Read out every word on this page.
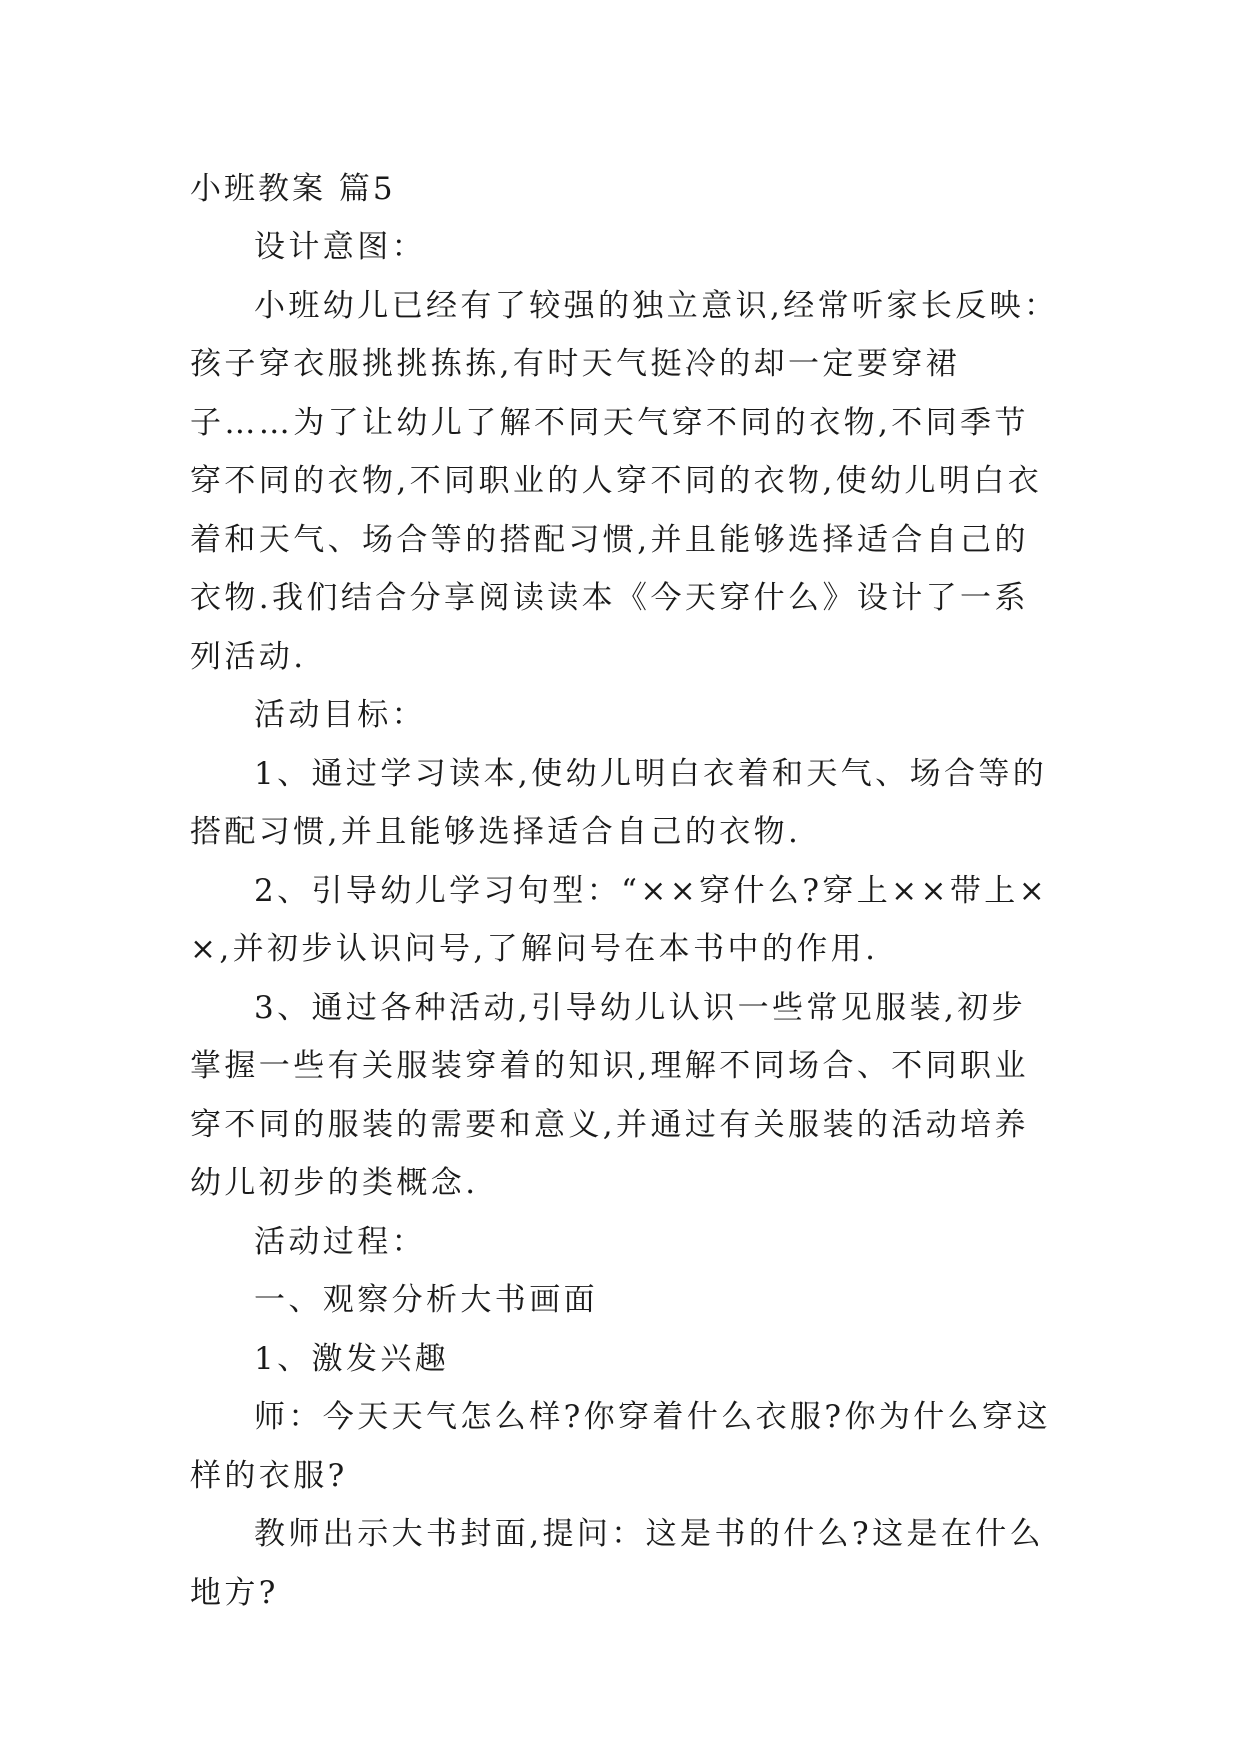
小班教案 篇5

设计意图：

小班幼儿已经有了较强的独立意识,经常听家长反映：孩子穿衣服挑挑拣拣,有时天气挺冷的却一定要穿裙子……为了让幼儿了解不同天气穿不同的衣物,不同季节穿不同的衣物,不同职业的人穿不同的衣物,使幼儿明白衣着和天气、场合等的搭配习惯,并且能够选择适合自己的衣物.我们结合分享阅读读本《今天穿什么》设计了一系列活动.

活动目标：

1、通过学习读本,使幼儿明白衣着和天气、场合等的搭配习惯,并且能够选择适合自己的衣物.

2、引导幼儿学习句型：“××穿什么?穿上××带上××,并初步认识问号,了解问号在本书中的作用.

3、通过各种活动,引导幼儿认识一些常见服装,初步掌握一些有关服装穿着的知识,理解不同场合、不同职业穿不同的服装的需要和意义,并通过有关服装的活动培养幼儿初步的类概念.

活动过程：

一、观察分析大书画面

1、激发兴趣

师：今天天气怎么样?你穿着什么衣服?你为什么穿这样的衣服?

教师出示大书封面,提问：这是书的什么?这是在什么地方?
